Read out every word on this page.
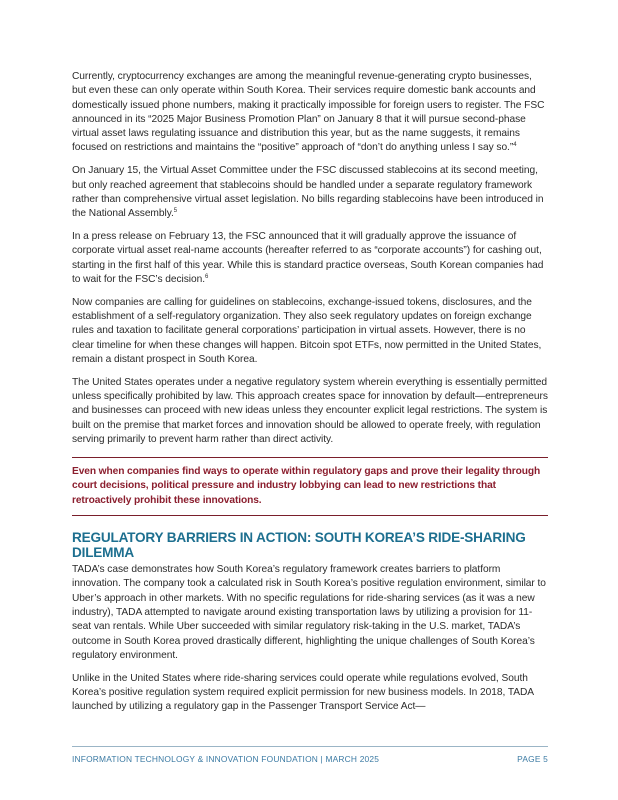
Currently, cryptocurrency exchanges are among the meaningful revenue-generating crypto businesses, but even these can only operate within South Korea. Their services require domestic bank accounts and domestically issued phone numbers, making it practically impossible for foreign users to register. The FSC announced in its “2025 Major Business Promotion Plan” on January 8 that it will pursue second-phase virtual asset laws regulating issuance and distribution this year, but as the name suggests, it remains focused on restrictions and maintains the “positive” approach of “don’t do anything unless I say so.”$^4$

On January 15, the Virtual Asset Committee under the FSC discussed stablecoins at its second meeting, but only reached agreement that stablecoins should be handled under a separate regulatory framework rather than comprehensive virtual asset legislation. No bills regarding stablecoins have been introduced in the National Assembly.$^5$

In a press release on February 13, the FSC announced that it will gradually approve the issuance of corporate virtual asset real-name accounts (hereafter referred to as “corporate accounts”) for cashing out, starting in the first half of this year. While this is standard practice overseas, South Korean companies had to wait for the FSC’s decision.$^6$

Now companies are calling for guidelines on stablecoins, exchange-issued tokens, disclosures, and the establishment of a self-regulatory organization. They also seek regulatory updates on foreign exchange rules and taxation to facilitate general corporations’ participation in virtual assets. However, there is no clear timeline for when these changes will happen. Bitcoin spot ETFs, now permitted in the United States, remain a distant prospect in South Korea.

The United States operates under a negative regulatory system wherein everything is essentially permitted unless specifically prohibited by law. This approach creates space for innovation by default—entrepreneurs and businesses can proceed with new ideas unless they encounter explicit legal restrictions. The system is built on the premise that market forces and innovation should be allowed to operate freely, with regulation serving primarily to prevent harm rather than direct activity.

Even when companies find ways to operate within regulatory gaps and prove their legality through court decisions, political pressure and industry lobbying can lead to new restrictions that retroactively prohibit these innovations.
REGULATORY BARRIERS IN ACTION: SOUTH KOREA’S RIDE-SHARING DILEMMA

TADA’s case demonstrates how South Korea’s regulatory framework creates barriers to platform innovation. The company took a calculated risk in South Korea’s positive regulation environment, similar to Uber’s approach in other markets. With no specific regulations for ride-sharing services (as it was a new industry), TADA attempted to navigate around existing transportation laws by utilizing a provision for 11-seat van rentals. While Uber succeeded with similar regulatory risk-taking in the U.S. market, TADA’s outcome in South Korea proved drastically different, highlighting the unique challenges of South Korea’s regulatory environment.

Unlike in the United States where ride-sharing services could operate while regulations evolved, South Korea’s positive regulation system required explicit permission for new business models. In 2018, TADA launched by utilizing a regulatory gap in the Passenger Transport Service Act—

INFORMATION TECHNOLOGY & INNOVATION FOUNDATION | MARCH 2025	PAGE 5
